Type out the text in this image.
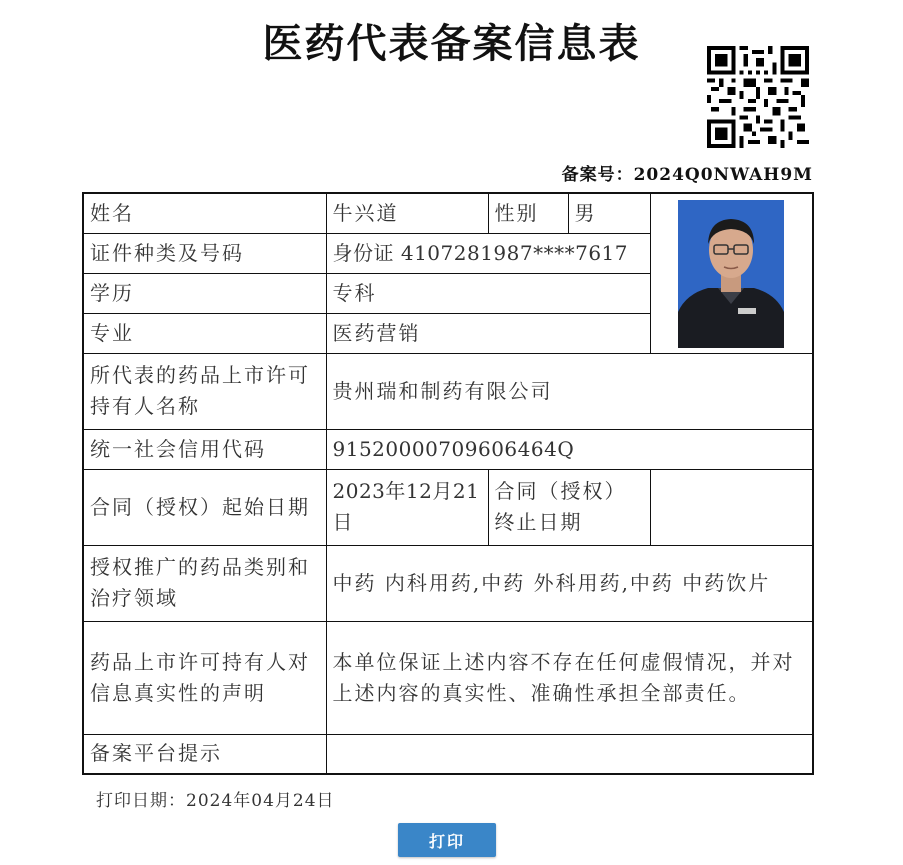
医药代表备案信息表
备案号：2024Q0NWAH9M
姓名	牛兴道	性别	男	

证件种类及号码	身份证 4107281987****7617			
学历	专科			
专业	医药营销			
所代表的药品上市许可持有人名称	贵州瑞和制药有限公司			
统一社会信用代码	91520000709606464Q			
合同（授权）起始日期	2023年12月21日	合同（授权）终止日期		
授权推广的药品类别和治疗领域	中药 内科用药,中药 外科用药,中药 中药饮片			
药品上市许可持有人对信息真实性的声明	本单位保证上述内容不存在任何虚假情况，并对上述内容的真实性、准确性承担全部责任。			
备案平台提示				
打印日期：2024年04月24日
打印
